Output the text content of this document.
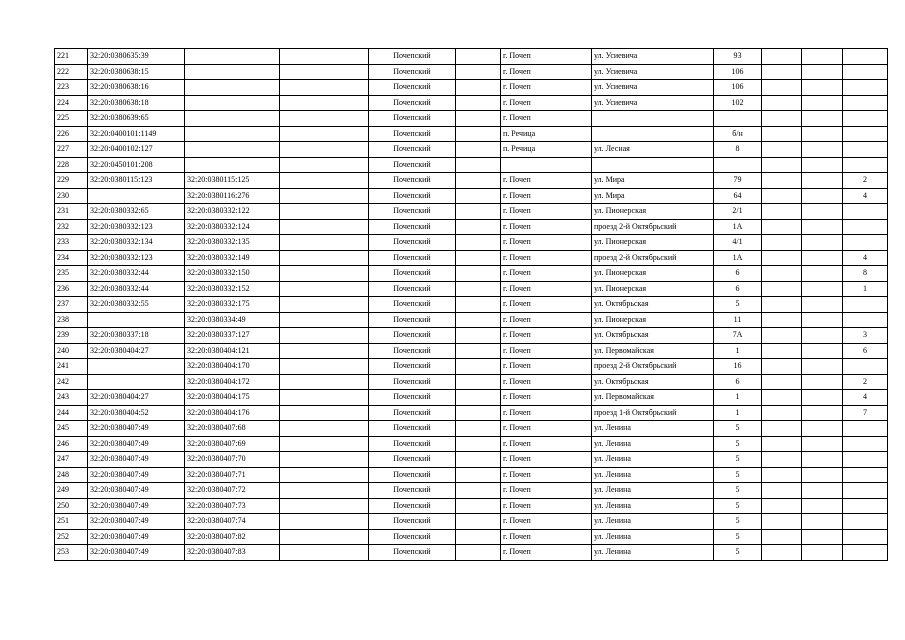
221	32:20:0380635:39			Почепский		г. Почеп	ул. Усиевича	93			
222	32:20:0380638:15			Почепский		г. Почеп	ул. Усиевича	106			
223	32:20:0380638:16			Почепский		г. Почеп	ул. Усиевича	106			
224	32:20:0380638:18			Почепский		г. Почеп	ул. Усиевича	102			
225	32:20:0380639:65			Почепский		г. Почеп					
226	32:20:0400101:1149			Почепский		п. Речица		б/н			
227	32:20:0400102:127			Почепский		п. Речица	ул. Лесная	8			
228	32:20:0450101:208			Почепский							
229	32:20:0380115:123	32:20:0380115:125		Почепский		г. Почеп	ул. Мира	79			2
230		32:20:0380116:276		Почепский		г. Почеп	ул. Мира	64			4
231	32:20:0380332:65	32:20:0380332:122		Почепский		г. Почеп	ул. Пионерская	2/1			
232	32:20:0380332:123	32:20:0380332:124		Почепский		г. Почеп	проезд 2-й Октябрьский	1А			
233	32:20:0380332:134	32:20:0380332:135		Почепский		г. Почеп	ул. Пионерская	4/1			
234	32:20:0380332:123	32:20:0380332:149		Почепский		г. Почеп	проезд 2-й Октябрьский	1А			4
235	32:20:0380332:44	32:20:0380332:150		Почепский		г. Почеп	ул. Пионерская	6			8
236	32:20:0380332:44	32:20:0380332:152		Почепский		г. Почеп	ул. Пионерская	6			1
237	32:20:0380332:55	32:20:0380332:175		Почепский		г. Почеп	ул. Октябрьская	5			
238		32:20:0380334:49		Почепский		г. Почеп	ул. Пионерская	11			
239	32:20:0380337:18	32:20:0380337:127		Почепский		г. Почеп	ул. Октябрьская	7А			3
240	32:20:0380404:27	32:20:0380404:121		Почепский		г. Почеп	ул. Первомайская	1			6
241		32:20:0380404:170		Почепский		г. Почеп	проезд 2-й Октябрьский	16			
242		32:20:0380404:172		Почепский		г. Почеп	ул. Октябрьская	6			2
243	32:20:0380404:27	32:20:0380404:175		Почепский		г. Почеп	ул. Первомайская	1			4
244	32:20:0380404:52	32:20:0380404:176		Почепский		г. Почеп	проезд 1-й Октябрьский	1			7
245	32:20:0380407:49	32:20:0380407:68		Почепский		г. Почеп	ул. Ленина	5			
246	32:20:0380407:49	32:20:0380407:69		Почепский		г. Почеп	ул. Ленина	5			
247	32:20:0380407:49	32:20:0380407:70		Почепский		г. Почеп	ул. Ленина	5			
248	32:20:0380407:49	32:20:0380407:71		Почепский		г. Почеп	ул. Ленина	5			
249	32:20:0380407:49	32:20:0380407:72		Почепский		г. Почеп	ул. Ленина	5			
250	32:20:0380407:49	32:20:0380407:73		Почепский		г. Почеп	ул. Ленина	5			
251	32:20:0380407:49	32:20:0380407:74		Почепский		г. Почеп	ул. Ленина	5			
252	32:20:0380407:49	32:20:0380407:82		Почепский		г. Почеп	ул. Ленина	5			
253	32:20:0380407:49	32:20:0380407:83		Почепский		г. Почеп	ул. Ленина	5			
